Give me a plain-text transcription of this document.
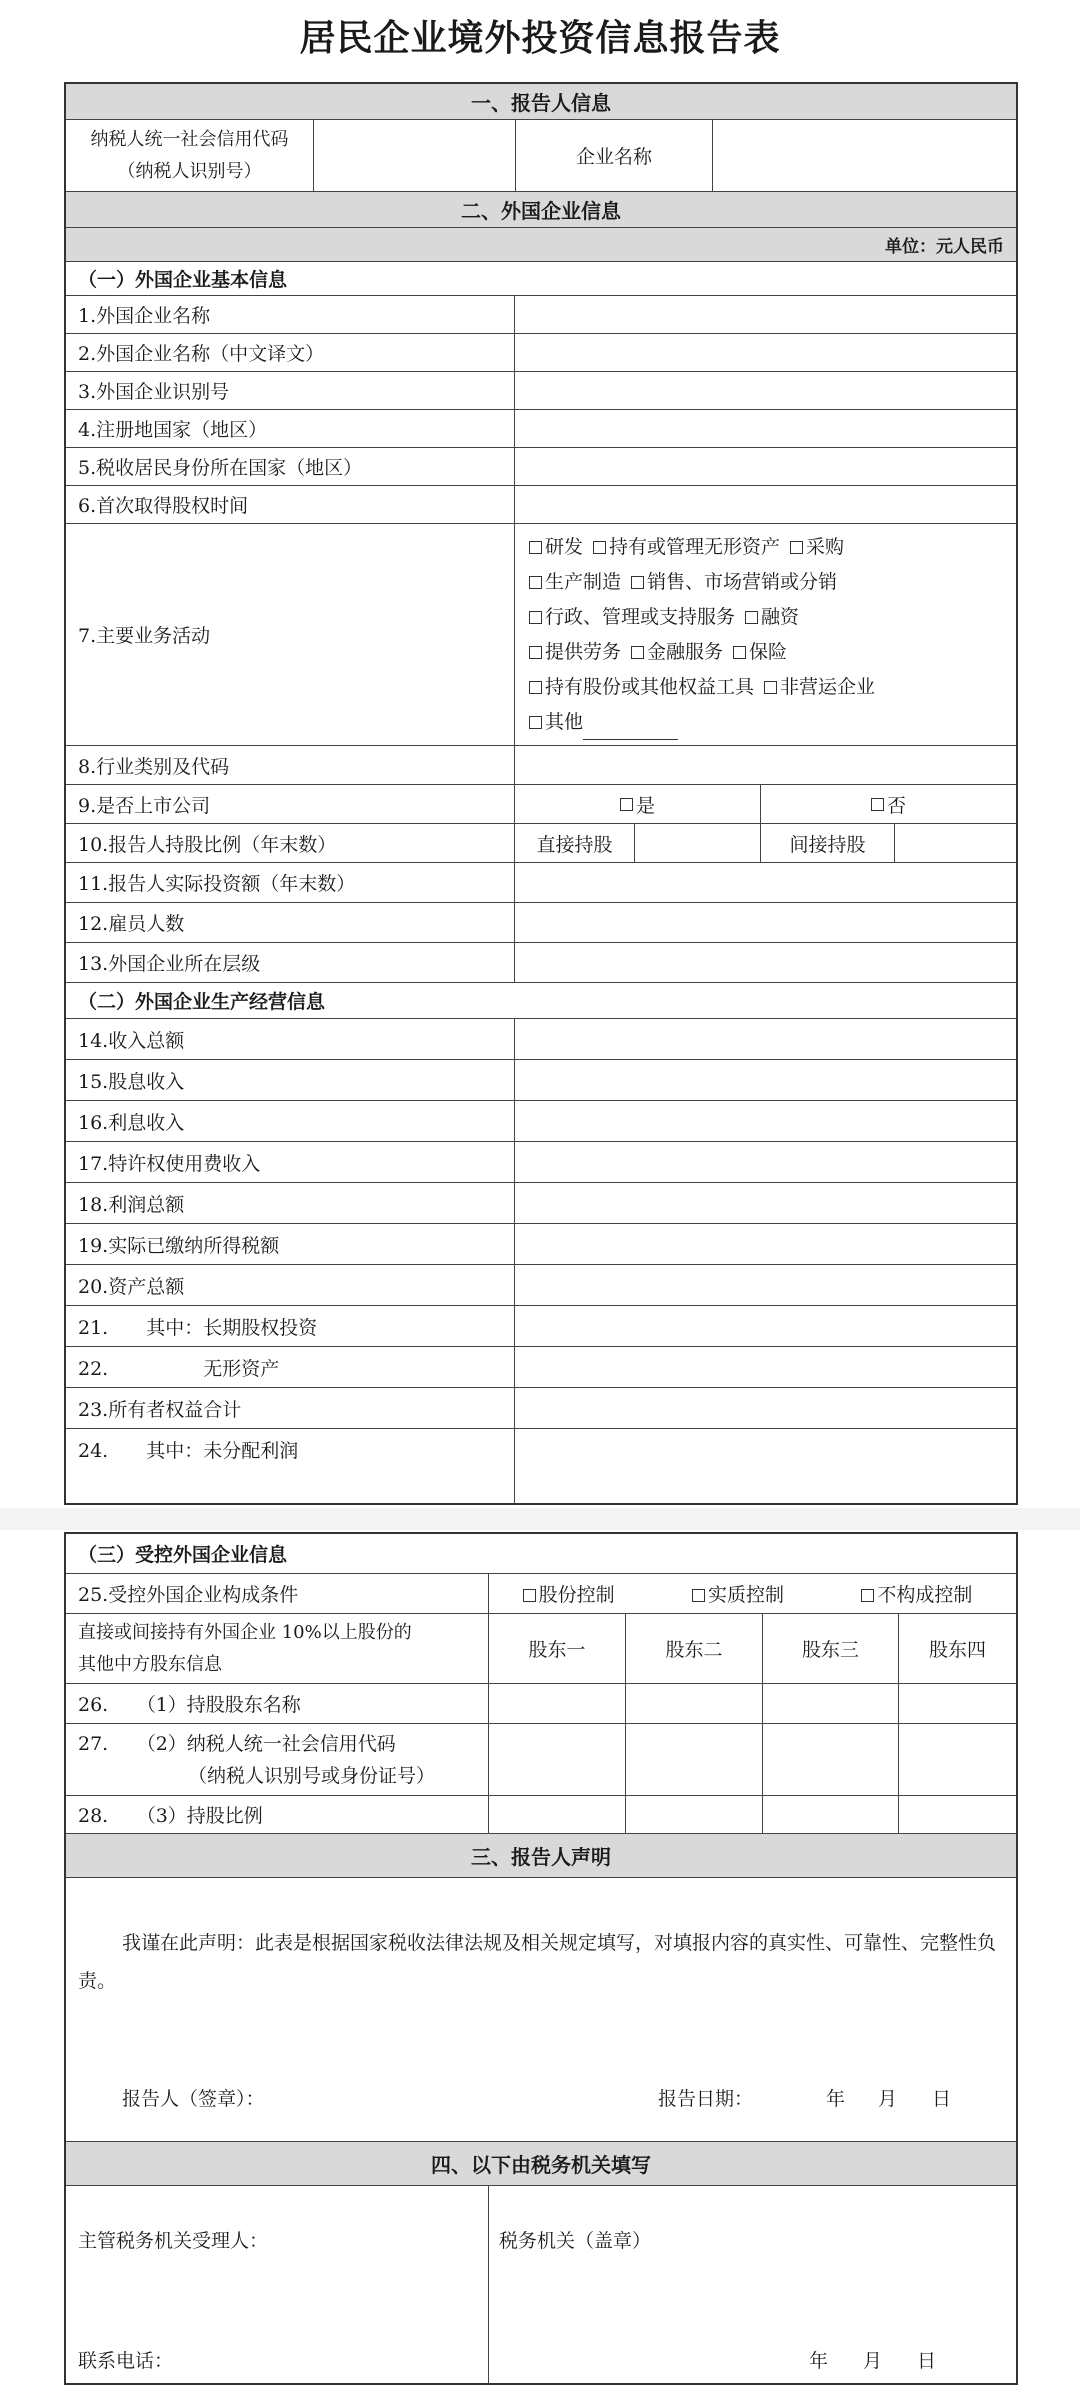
居民企业境外投资信息报告表
一、报告人信息
纳税人统一社会信用代码
（纳税人识别号）
企业名称
二、外国企业信息
单位：元人民币
（一）外国企业基本信息
1.外国企业名称
2.外国企业名称（中文译文）
3.外国企业识别号
4.注册地国家（地区）
5.税收居民身份所在国家（地区）
6.首次取得股权时间
7.主要业务活动
研发 持有或管理无形资产 采购
生产制造 销售、市场营销或分销
行政、管理或支持服务 融资
提供劳务 金融服务 保险
持有股份或其他权益工具 非营运企业
其他
8.行业类别及代码
9.是否上市公司	是	否
10.报告人持股比例（年末数）	直接持股	间接持股
11.报告人实际投资额（年末数）
12.雇员人数
13.外国企业所在层级
（二）外国企业生产经营信息
14.收入总额
15.股息收入
16.利息收入
17.特许权使用费收入
18.利润总额
19.实际已缴纳所得税额
20.资产总额
21.　　其中：长期股权投资
22.　　　　　无形资产
23.所有者权益合计
24.　　其中：未分配利润
（三）受控外国企业信息
25.受控外国企业构成条件	股份控制	实质控制	不构成控制
直接或间接持有外国企业 10%以上股份的
其他中方股东信息
股东一	股东二	股东三	股东四
26.　　（1）持股股东名称
27.　　（2）纳税人统一社会信用代码
（纳税人识别号或身份证号）
28.　　（3）持股比例
三、报告人声明
我谨在此声明：此表是根据国家税收法律法规及相关规定填写，对填报内容的真实性、可靠性、完整性负责。
报告人（签章）：	报告日期：	年 月 日
四、以下由税务机关填写
主管税务机关受理人：
联系电话：
税务机关（盖章）
年 月 日
